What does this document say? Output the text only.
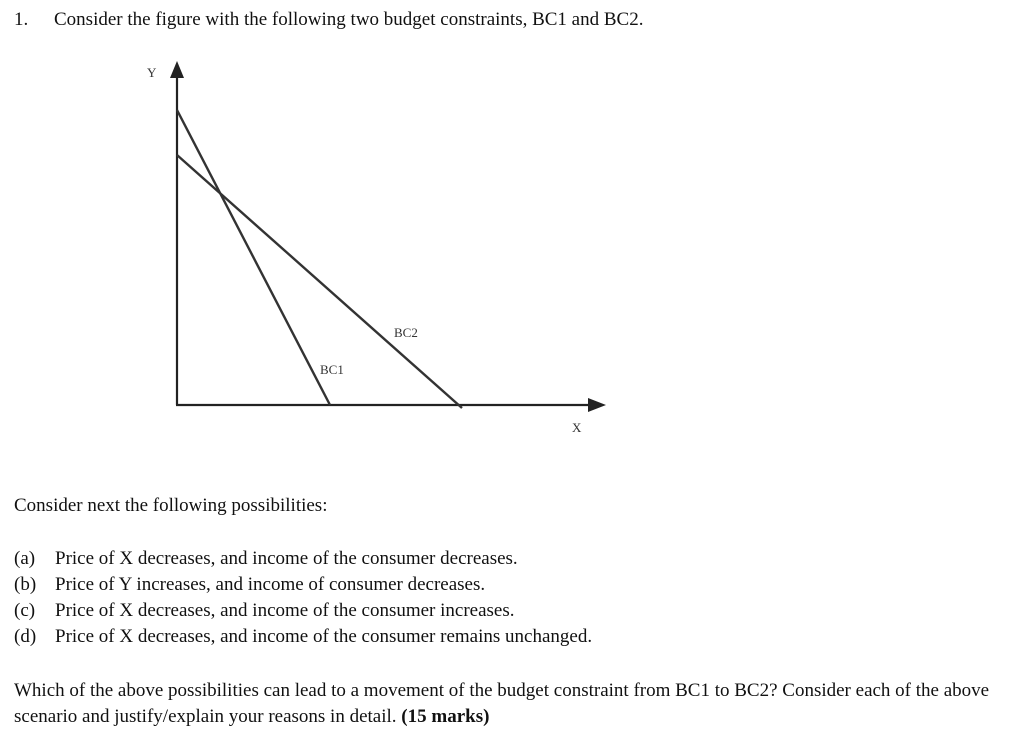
1. Consider the figure with the following two budget constraints, BC1 and BC2.
Y
X
BC2
BC1
Consider next the following possibilities:
(a) Price of X decreases, and income of the consumer decreases.
(b) Price of Y increases, and income of consumer decreases.
(c) Price of X decreases, and income of the consumer increases.
(d) Price of X decreases, and income of the consumer remains unchanged.
Which of the above possibilities can lead to a movement of the budget constraint from BC1 to BC2? Consider each of the above scenario and justify/explain your reasons in detail. (15 marks)
